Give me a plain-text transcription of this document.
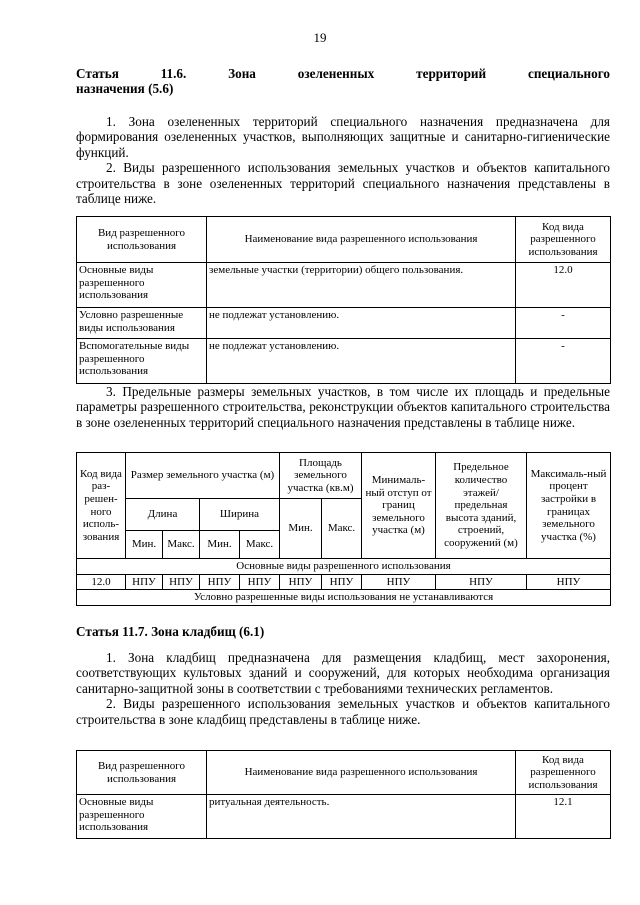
19
Статья 11.6. Зона озелененных территорий специального
назначения (5.6)

1. Зона озелененных территорий специального назначения предназначена для формирования озелененных участков, выполняющих защитные и санитарно-гигиенические функций.

2. Виды разрешенного использования земельных участков и объектов капитального строительства в зоне озелененных территорий специального назначения представлены в таблице ниже.

Вид разрешенного использования	Наименование вида разрешенного использования	Код вида разрешенного использования
Основные виды разрешенного использования	земельные участки (территории) общего пользования.	12.0
Условно разрешенные виды использования	не подлежат установлению.	-
Вспомогательные виды разрешенного использования	не подлежат установлению.	-

3. Предельные размеры земельных участков, в том числе их площадь и предельные параметры разрешенного строительства, реконструкции объектов капитального строительства в зоне озелененных территорий специального назначения представлены в таблице ниже.

Код вида раз-решен-ного исполь-зования	Размер земельного участка (м)				Площадь земельного участка (кв.м)		Минималь-ный отступ от границ земельного участка (м)	Предельное количество этажей/ предельная высота зданий, строений, сооружений (м)	Максималь-ный процент застройки в границах земельного участка (%)
	Длина		Ширина		Мин.	Макс.			
	Мин.	Макс.	Мин.	Макс.					
Основные виды разрешенного использования									
12.0	НПУ	НПУ	НПУ	НПУ	НПУ	НПУ	НПУ	НПУ	НПУ
Условно разрешенные виды использования не устанавливаются									
Статья 11.7. Зона кладбищ (6.1)

1. Зона кладбищ предназначена для размещения кладбищ, мест захоронения, соответствующих культовых зданий и сооружений, для которых необходима организация санитарно-защитной зоны в соответствии с требованиями технических регламентов.

2. Виды разрешенного использования земельных участков и объектов капитального строительства в зоне кладбищ представлены в таблице ниже.

Вид разрешенного использования	Наименование вида разрешенного использования	Код вида разрешенного использования
Основные виды разрешенного использования	ритуальная деятельность.	12.1
